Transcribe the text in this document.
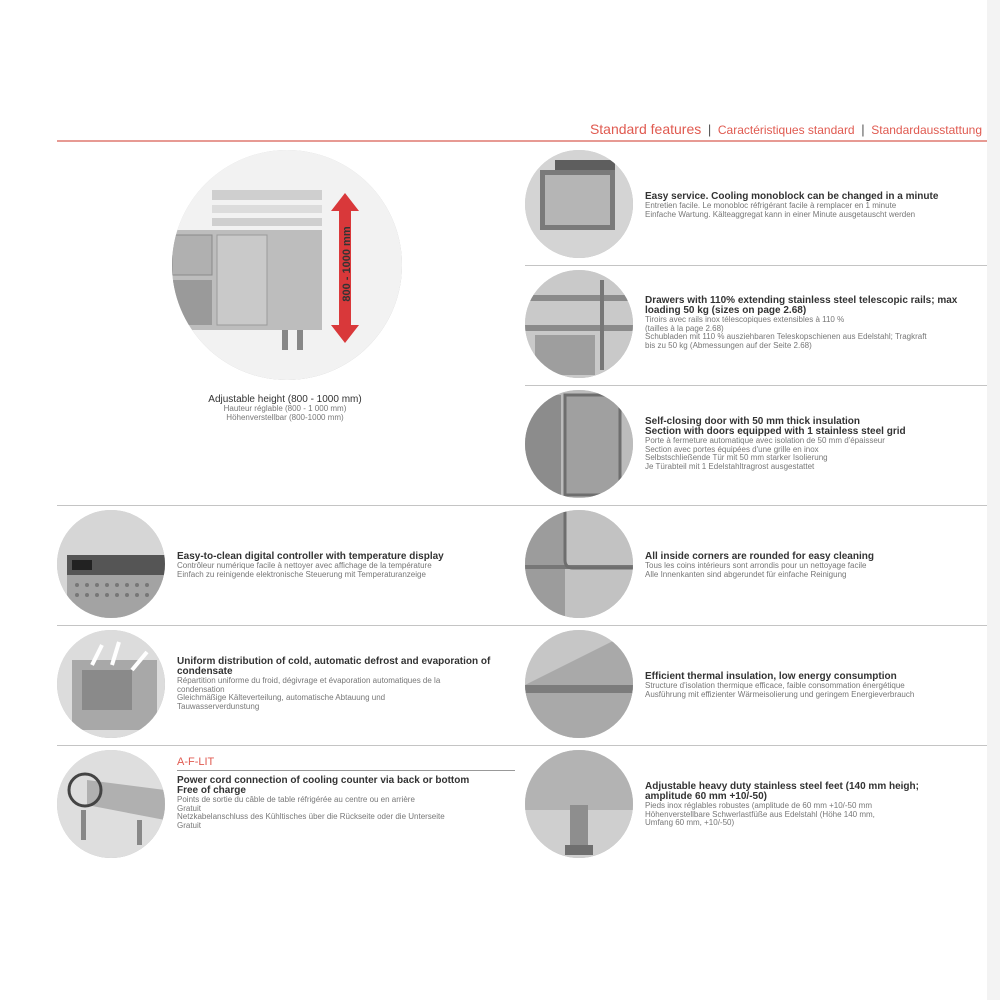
Standard features | Caractéristiques standard | Standardausstattung
800 - 1000 mm
Adjustable height (800 - 1000 mm)
Hauteur réglable (800 - 1 000 mm)
Höhenverstellbar (800-1000 mm)
Easy service. Cooling monoblock can be changed in a minute
Entretien facile. Le monobloc réfrigérant facile à remplacer en 1 minute
Einfache Wartung. Kälteaggregat kann in einer Minute ausgetauscht werden
Drawers with 110% extending stainless steel telescopic rails; max
loading 50 kg (sizes on page 2.68)
Tiroirs avec rails inox télescopiques extensibles à 110 %
(tailles à la page 2.68)
Schubladen mit 110 % ausziehbaren Teleskopschienen aus Edelstahl; Tragkraft
bis zu 50 kg (Abmessungen auf der Seite 2.68)
Self-closing door with 50 mm thick insulation
Section with doors equipped with 1 stainless steel grid
Porte à fermeture automatique avec isolation de 50 mm d'épaisseur
Section avec portes équipées d'une grille en inox
Selbstschließende Tür mit 50 mm starker Isolierung
Je Türabteil mit 1 Edelstahltragrost ausgestattet
Easy-to-clean digital controller with temperature display
Contrôleur numérique facile à nettoyer avec affichage de la température
Einfach zu reinigende elektronische Steuerung mit Temperaturanzeige
All inside corners are rounded for easy cleaning
Tous les coins intérieurs sont arrondis pour un nettoyage facile
Alle Innenkanten sind abgerundet für einfache Reinigung
Uniform distribution of cold, automatic defrost and evaporation of
condensate
Répartition uniforme du froid, dégivrage et évaporation automatiques de la
condensation
Gleichmäßige Kälteverteilung, automatische Abtauung und
Tauwasserverdunstung
Efficient thermal insulation, low energy consumption
Structure d'isolation thermique efficace, faible consommation énergétique
Ausführung mit effizienter Wärmeisolierung und geringem Energieverbrauch
A-F-LIT
Power cord connection of cooling counter via back or bottom
Free of charge
Points de sortie du câble de table réfrigérée au centre ou en arrière
Gratuit
Netzkabelanschluss des Kühltisches über die Rückseite oder die Unterseite
Gratuit
Adjustable heavy duty stainless steel feet (140 mm heigh;
amplitude 60 mm +10/-50)
Pieds inox réglables robustes (amplitude de 60 mm +10/-50 mm
Höhenverstellbare Schwerlastfüße aus Edelstahl (Höhe 140 mm,
Umfang 60 mm, +10/-50)
